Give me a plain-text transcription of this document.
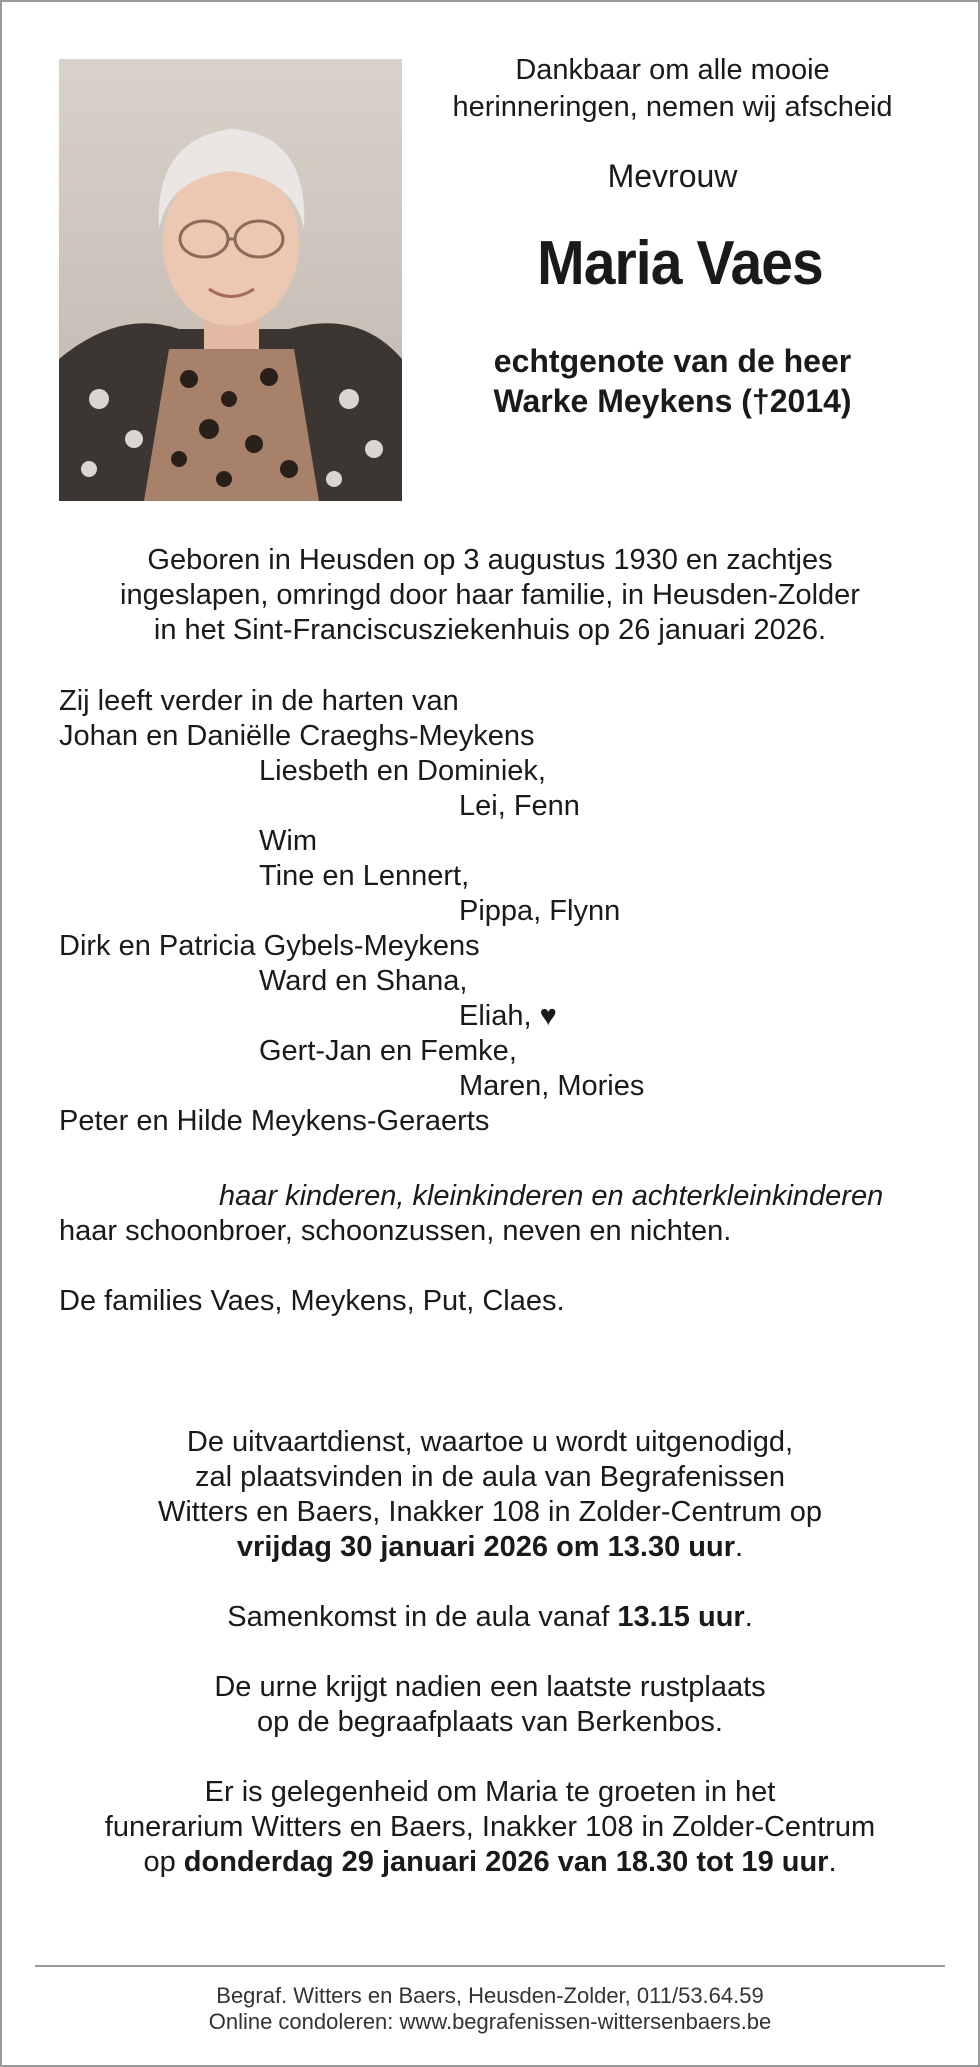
Dankbaar om alle mooie
herinneringen, nemen wij afscheid
Mevrouw
Maria Vaes
echtgenote van de heer
Warke Meykens (†2014)
Geboren in Heusden op 3 augustus 1930 en zachtjes
ingeslapen, omringd door haar familie, in Heusden-Zolder
in het Sint-Franciscusziekenhuis op 26 januari 2026.
Zij leeft verder in de harten van
Johan en Daniëlle Craeghs-Meykens
Liesbeth en Dominiek,
Lei, Fenn
Wim
Tine en Lennert,
Pippa, Flynn
Dirk en Patricia Gybels-Meykens
Ward en Shana,
Eliah, ♥
Gert-Jan en Femke,
Maren, Mories
Peter en Hilde Meykens-Geraerts
haar kinderen, kleinkinderen en achterkleinkinderen
haar schoonbroer, schoonzussen, neven en nichten.
De families Vaes, Meykens, Put, Claes.

De uitvaartdienst, waartoe u wordt uitgenodigd,
zal plaatsvinden in de aula van Begrafenissen
Witters en Baers, Inakker 108 in Zolder-Centrum op
vrijdag 30 januari 2026 om 13.30 uur.

Samenkomst in de aula vanaf 13.15 uur.

De urne krijgt nadien een laatste rustplaats
op de begraafplaats van Berkenbos.

Er is gelegenheid om Maria te groeten in het
funerarium Witters en Baers, Inakker 108 in Zolder-Centrum
op donderdag 29 januari 2026 van 18.30 tot 19 uur.

Begraf. Witters en Baers, Heusden-Zolder, 011/53.64.59
Online condoleren: www.begrafenissen-wittersenbaers.be
